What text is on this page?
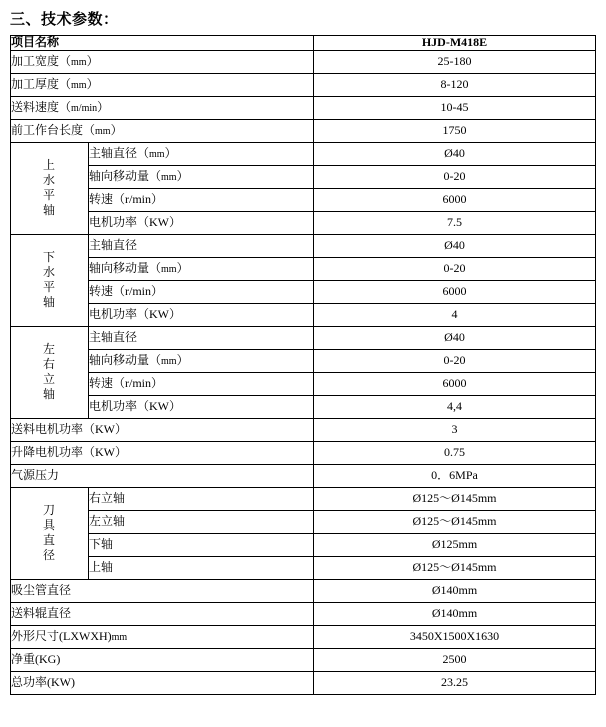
三、技术参数：
项目名称		HJD-M418E
加工宽度（mm）		25-180
加工厚度（mm）		8-120
送料速度（m/min）		10-45
前工作台长度（mm）		1750
上
水
平
轴	主轴直径（mm）	Ø40
	轴向移动量（mm）	0-20
	转速（r/min）	6000
	电机功率（KW）	7.5
下
水
平
轴	主轴直径	Ø40
	轴向移动量（mm）	0-20
	转速（r/min）	6000
	电机功率（KW）	4
左
右
立
轴	主轴直径	Ø40
	轴向移动量（mm）	0-20
	转速（r/min）	6000
	电机功率（KW）	4,4
送料电机功率（KW）		3
升降电机功率（KW）		0.75
气源压力		0．6MPa
刀
具
直
径	右立轴	Ø125～Ø145mm
	左立轴	Ø125～Ø145mm
	下轴	Ø125mm
	上轴	Ø125～Ø145mm
吸尘管直径		Ø140mm
送料辊直径		Ø140mm
外形尺寸(LXWXH)mm		3450X1500X1630
净重(KG)		2500
总功率(KW)		23.25
